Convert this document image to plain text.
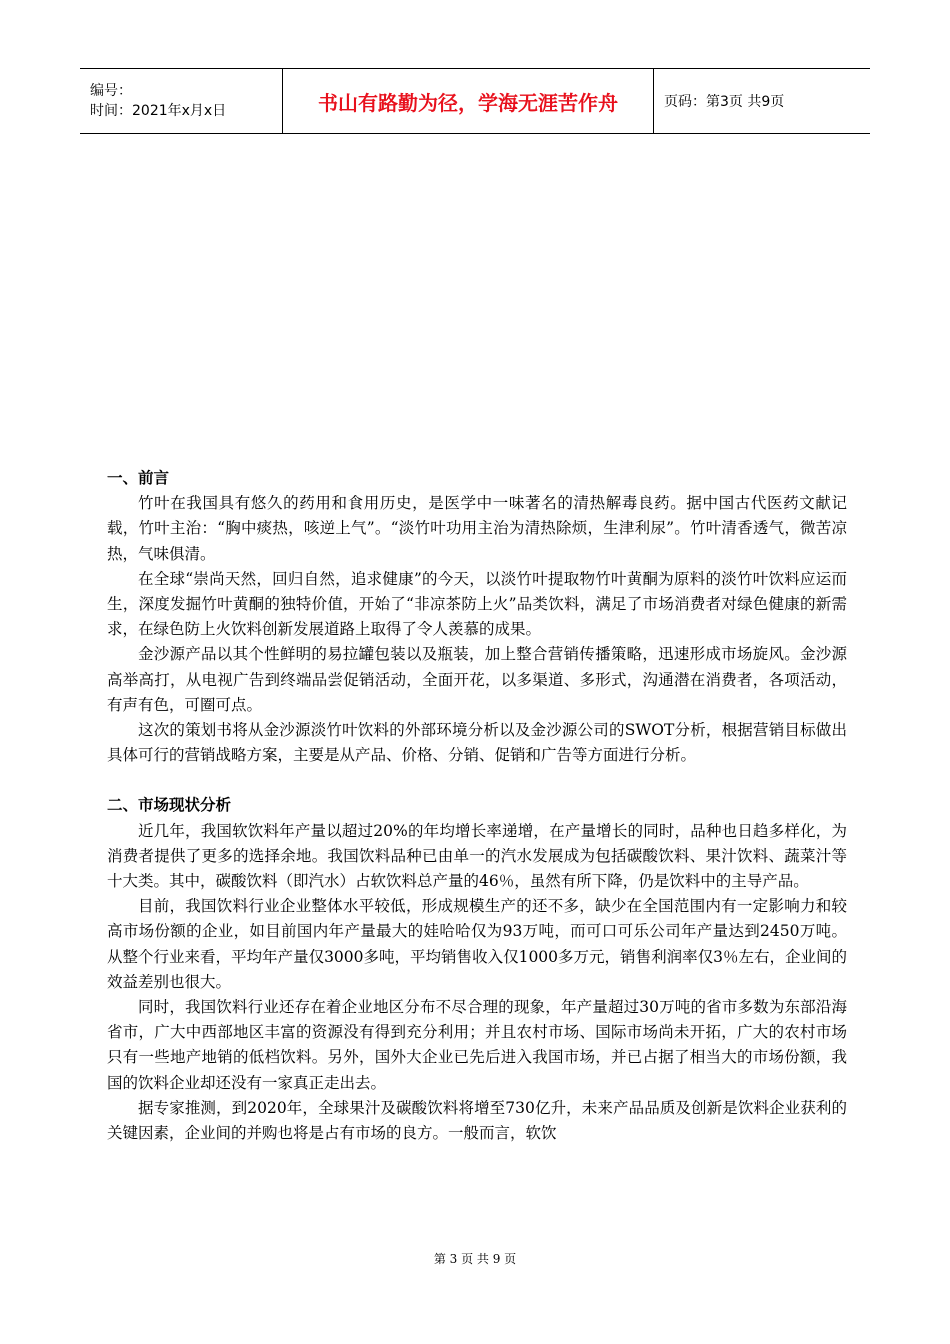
编号：
时间：2021年x月x日	书山有路勤为径，学海无涯苦作舟	页码：第3页 共9页
一、前言

竹叶在我国具有悠久的药用和食用历史，是医学中一味著名的清热解毒良药。据中国古代医药文献记载，竹叶主治：“胸中痰热，咳逆上气”。“淡竹叶功用主治为清热除烦，生津利尿”。竹叶清香透气，微苦凉热，气味俱清。

在全球“崇尚天然，回归自然，追求健康”的今天，以淡竹叶提取物竹叶黄酮为原料的淡竹叶饮料应运而生，深度发掘竹叶黄酮的独特价值，开始了“非凉茶防上火”品类饮料，满足了市场消费者对绿色健康的新需求，在绿色防上火饮料创新发展道路上取得了令人羡慕的成果。

金沙源产品以其个性鲜明的易拉罐包装以及瓶装，加上整合营销传播策略，迅速形成市场旋风。金沙源高举高打，从电视广告到终端品尝促销活动，全面开花，以多渠道、多形式，沟通潜在消费者，各项活动，有声有色，可圈可点。

这次的策划书将从金沙源淡竹叶饮料的外部环境分析以及金沙源公司的SWOT分析，根据营销目标做出具体可行的营销战略方案，主要是从产品、价格、分销、促销和广告等方面进行分析。

二、市场现状分析

近几年，我国软饮料年产量以超过20%的年均增长率递增，在产量增长的同时，品种也日趋多样化，为消费者提供了更多的选择余地。我国饮料品种已由单一的汽水发展成为包括碳酸饮料、果汁饮料、蔬菜汁等十大类。其中，碳酸饮料（即汽水）占软饮料总产量的46％，虽然有所下降，仍是饮料中的主导产品。

目前，我国饮料行业企业整体水平较低，形成规模生产的还不多，缺少在全国范围内有一定影响力和较高市场份额的企业，如目前国内年产量最大的娃哈哈仅为93万吨，而可口可乐公司年产量达到2450万吨。从整个行业来看，平均年产量仅3000多吨，平均销售收入仅1000多万元，销售利润率仅3％左右，企业间的效益差别也很大。

同时，我国饮料行业还存在着企业地区分布不尽合理的现象，年产量超过30万吨的省市多数为东部沿海省市，广大中西部地区丰富的资源没有得到充分利用；并且农村市场、国际市场尚未开拓，广大的农村市场只有一些地产地销的低档饮料。另外，国外大企业已先后进入我国市场，并已占据了相当大的市场份额，我国的饮料企业却还没有一家真正走出去。

据专家推测，到2020年，全球果汁及碳酸饮料将增至730亿升，未来产品品质及创新是饮料企业获利的关键因素，企业间的并购也将是占有市场的良方。一般而言，软饮

第 3 页 共 9 页
